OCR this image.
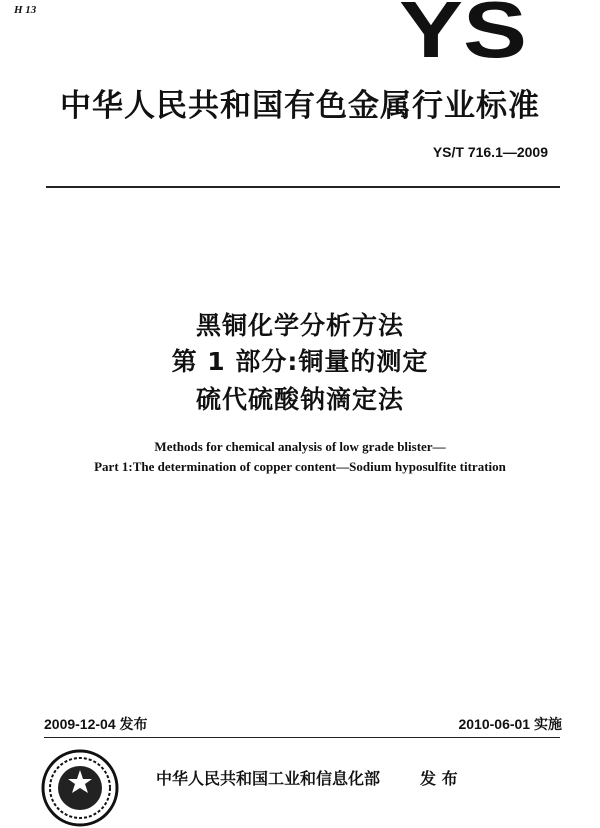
H 13	YS
中华人民共和国有色金属行业标准
YS/T 716.1—2009
黑铜化学分析方法
第 1 部分:铜量的测定
硫代硫酸钠滴定法
Methods for chemical analysis of low grade blister—
Part 1:The determination of copper content—Sodium hyposulfite titration
2009-12-04 发布	2010-06-01 实施
中华人民共和国工业和信息化部 发 布
